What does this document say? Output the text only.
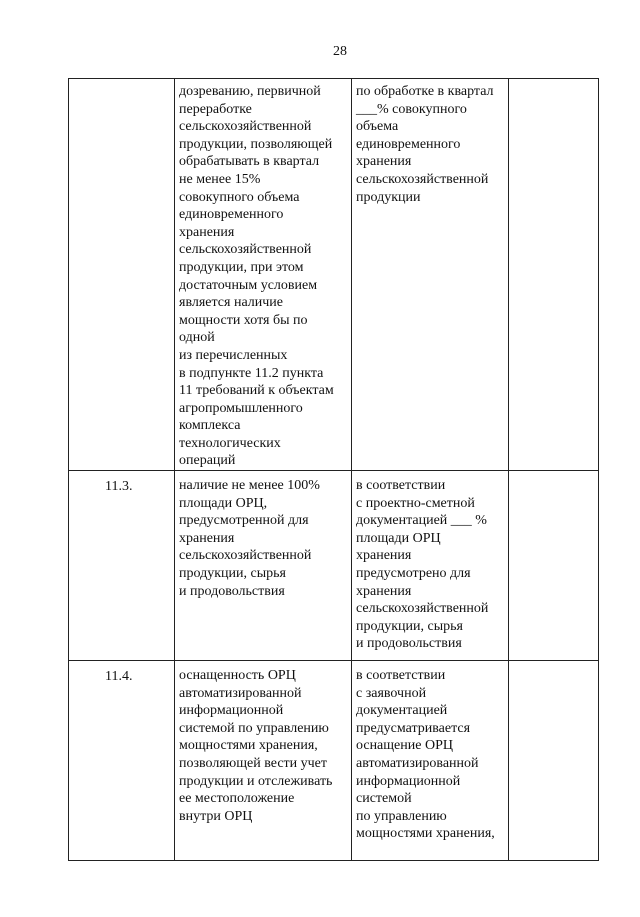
28
дозреванию, первичной
переработке
сельскохозяйственной
продукции, позволяющей
обрабатывать в квартал
не менее 15%
совокупного объема
единовременного
хранения
сельскохозяйственной
продукции, при этом
достаточным условием
является наличие
мощности хотя бы по
одной
из перечисленных
в подпункте 11.2 пункта
11 требований к объектам
агропромышленного
комплекса
технологических
операций
по обработке в квартал
___% совокупного
объема
единовременного
хранения
сельскохозяйственной
продукции
11.3.	наличие не менее 100%
площади ОРЦ,
предусмотренной для
хранения
сельскохозяйственной
продукции, сырья
и продовольствия
в соответствии
с проектно-сметной
документацией ___ %
площади ОРЦ
хранения
предусмотрено для
хранения
сельскохозяйственной
продукции, сырья
и продовольствия
11.4.	оснащенность ОРЦ
автоматизированной
информационной
системой по управлению
мощностями хранения,
позволяющей вести учет
продукции и отслеживать
ее местоположение
внутри ОРЦ
в соответствии
с заявочной
документацией
предусматривается
оснащение ОРЦ
автоматизированной
информационной
системой
по управлению
мощностями хранения,
